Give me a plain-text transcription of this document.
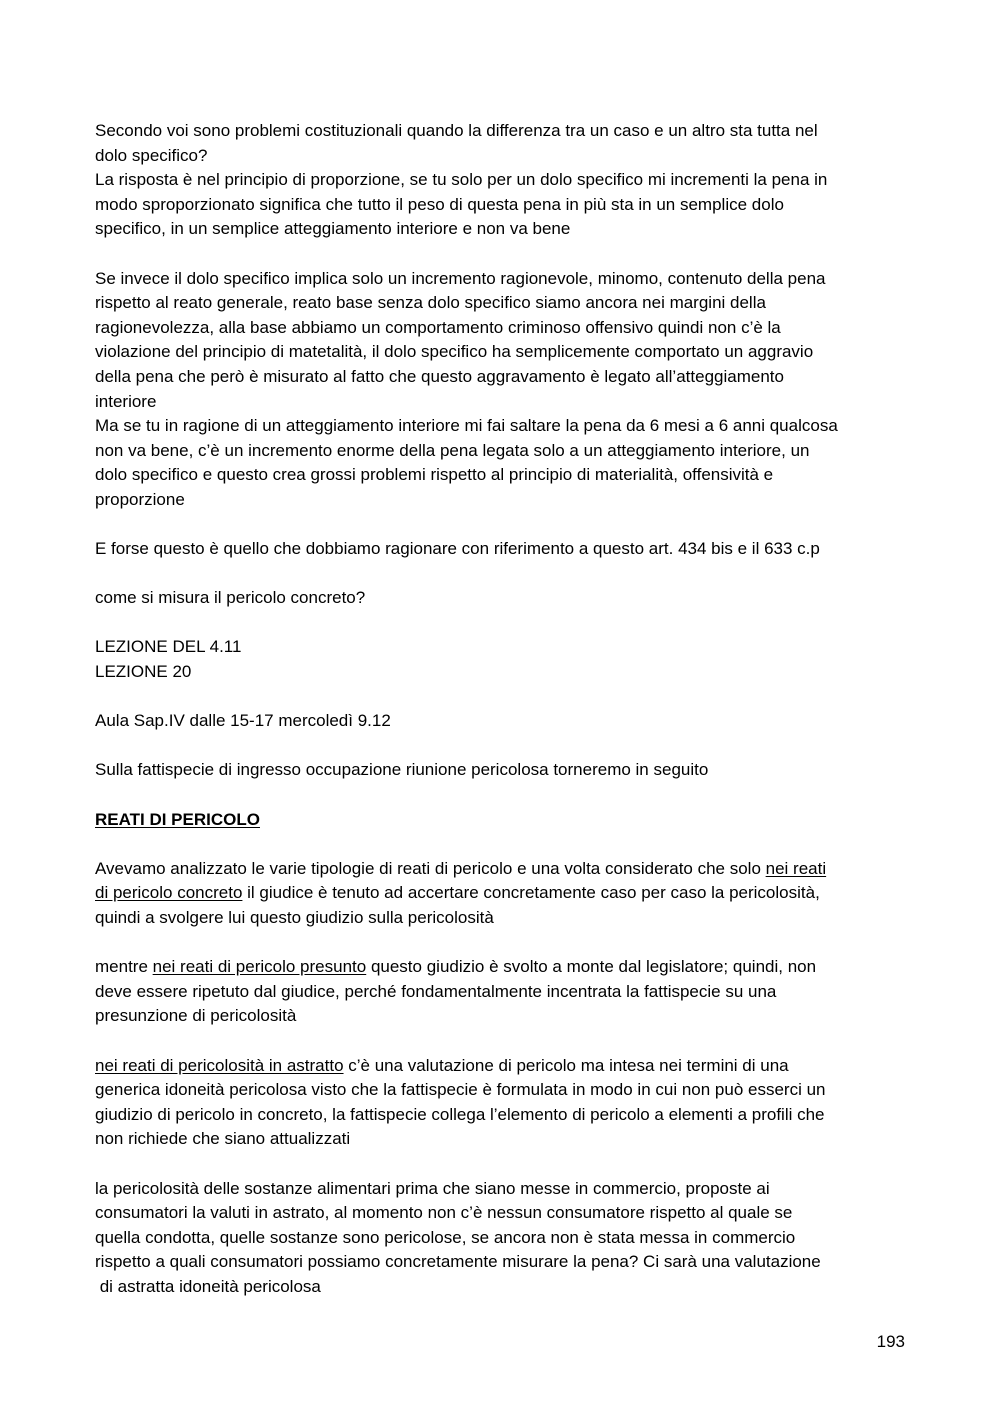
Secondo voi sono problemi costituzionali quando la differenza tra un caso e un altro sta tutta nel

dolo specifico?

La risposta è nel principio di proporzione, se tu solo per un dolo specifico mi incrementi la pena in

modo sproporzionato significa che tutto il peso di questa pena in più sta in un semplice dolo

specifico, in un semplice atteggiamento interiore e non va bene

Se invece il dolo specifico implica solo un incremento ragionevole, minomo, contenuto della pena

rispetto al reato generale, reato base senza dolo specifico siamo ancora nei margini della

ragionevolezza, alla base abbiamo un comportamento criminoso offensivo quindi non c’è la

violazione del principio di matetalità, il dolo specifico ha semplicemente comportato un aggravio

della pena che però è misurato al fatto che questo aggravamento è legato all’atteggiamento

interiore

Ma se tu in ragione di un atteggiamento interiore mi fai saltare la pena da 6 mesi a 6 anni qualcosa

non va bene, c’è un incremento enorme della pena legata solo a un atteggiamento interiore, un

dolo specifico e questo crea grossi problemi rispetto al principio di materialità, offensività e

proporzione

E forse questo è quello che dobbiamo ragionare con riferimento a questo art. 434 bis e il 633 c.p

come si misura il pericolo concreto?

LEZIONE DEL 4.11

LEZIONE 20

Aula Sap.IV dalle 15-17 mercoledì 9.12

Sulla fattispecie di ingresso occupazione riunione pericolosa torneremo in seguito

REATI DI PERICOLO

Avevamo analizzato le varie tipologie di reati di pericolo e una volta considerato che solo nei reati

di pericolo concreto il giudice è tenuto ad accertare concretamente caso per caso la pericolosità,

quindi a svolgere lui questo giudizio sulla pericolosità

mentre nei reati di pericolo presunto questo giudizio è svolto a monte dal legislatore; quindi, non

deve essere ripetuto dal giudice, perché fondamentalmente incentrata la fattispecie su una

presunzione di pericolosità

nei reati di pericolosità in astratto c’è una valutazione di pericolo ma intesa nei termini di una

generica idoneità pericolosa visto che la fattispecie è formulata in modo in cui non può esserci un

giudizio di pericolo in concreto, la fattispecie collega l’elemento di pericolo a elementi a profili che

non richiede che siano attualizzati

la pericolosità delle sostanze alimentari prima che siano messe in commercio, proposte ai

consumatori la valuti in astrato, al momento non c’è nessun consumatore rispetto al quale se

quella condotta, quelle sostanze sono pericolose, se ancora non è stata messa in commercio

rispetto a quali consumatori possiamo concretamente misurare la pena? Ci sarà una valutazione

di astratta idoneità pericolosa

193
